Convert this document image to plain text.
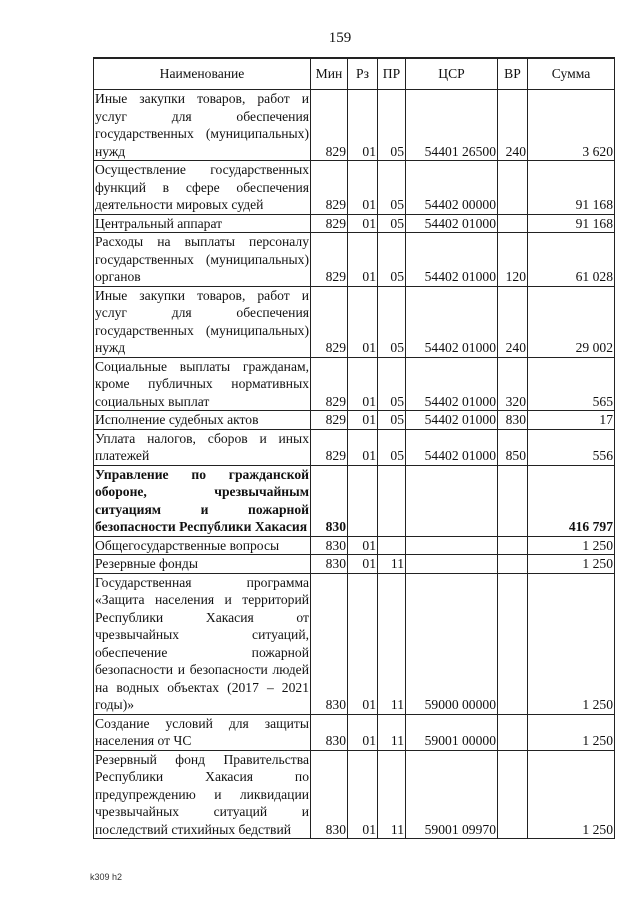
159
Наименование	Мин	Рз	ПР	ЦСР	ВР	Сумма
Иные закупки товаров, работ и услуг для обеспечения государственных (муниципальных) нужд	829	01	05	54401 26500	240	3 620
Осуществление государственных функций в сфере обеспечения деятельности мировых судей	829	01	05	54402 00000		91 168
Центральный аппарат	829	01	05	54402 01000		91 168
Расходы на выплаты персоналу государственных (муниципальных) органов	829	01	05	54402 01000	120	61 028
Иные закупки товаров, работ и услуг для обеспечения государственных (муниципальных) нужд	829	01	05	54402 01000	240	29 002
Социальные выплаты гражданам, кроме публичных нормативных социальных выплат	829	01	05	54402 01000	320	565
Исполнение судебных актов	829	01	05	54402 01000	830	17
Уплата налогов, сборов и иных платежей	829	01	05	54402 01000	850	556
Управление по гражданской обороне, чрезвычайным ситуациям и пожарной безопасности Республики Хакасия	830					416 797
Общегосударственные вопросы	830	01				1 250
Резервные фонды	830	01	11			1 250
Государственная программа «Защита населения и территорий Республики Хакасия от чрезвычайных ситуаций, обеспечение пожарной безопасности и безопасности людей на водных объектах (2017 – 2021 годы)»	830	01	11	59000 00000		1 250
Создание условий для защиты населения от ЧС	830	01	11	59001 00000		1 250
Резервный фонд Правительства Республики Хакасия по предупреждению и ликвидации чрезвычайных ситуаций и последствий стихийных бедствий	830	01	11	59001 09970		1 250
k309 h2
